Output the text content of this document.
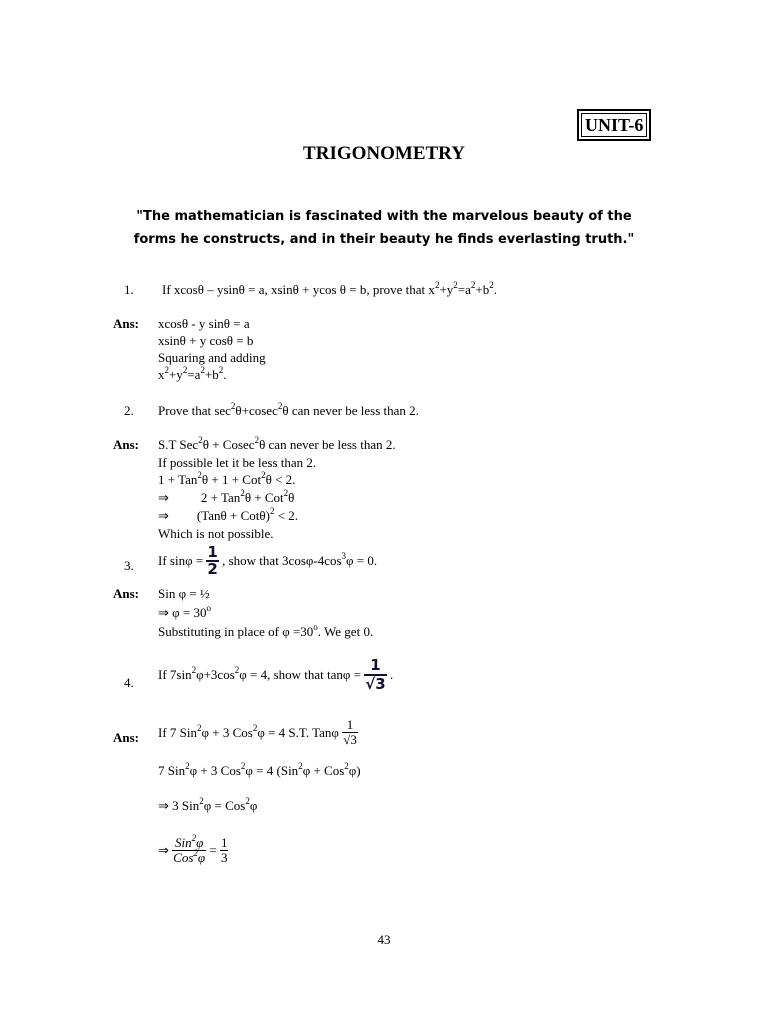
UNIT-6
TRIGONOMETRY
"The mathematician is fascinated with the marvelous beauty of the
forms he constructs, and in their beauty he finds everlasting truth."
1. If xcosθ – ysinθ = a, xsinθ + ycos θ = b, prove that $x^2+y^2=a^2+b^2$.
Ans: xcosθ - y sinθ = a
xsinθ + y cosθ = b
Squaring and adding
$x^2+y^2=a^2+b^2$.
2. Prove that $\sec^2\theta+cosec^2\theta$ can never be less than 2.
Ans: S.T Sec$^2$θ + Cosec$^2$θ can never be less than 2.
If possible let it be less than 2.
1 + Tan$^2$θ + 1 + Cot$^2$θ < 2.
⇒ 2 + Tan$^2$θ + Cot$^2$θ
⇒ $(Tan\theta + Cot\theta)^2 < 2$.
Which is not possible.
3. If $\sin\varphi = \frac{1}{2}$ , show that $3\cos\varphi-4\cos^3\varphi = 0$.
Ans: Sin φ = ½
⇒ $\varphi = 30^o$
Substituting in place of $\varphi =30^o$. We get 0.
4.
If $7\sin^2\varphi+3\cos^2\varphi = 4$, show that $\tan\varphi = \frac{1}{√3}$ .
Ans: If 7 Sin$^2$φ + 3 Cos$^2$φ = 4 S.T. Tanφ $\frac{1}{√3}$
7 Sin$^2$φ + 3 Cos$^2$φ = 4 (Sin$^2$φ + Cos$^2$φ)
⇒ 3 Sin$^2$φ = Cos$^2$φ
⇒ $\frac{Sin^2\varphi}{Cos^2\varphi} = \frac{1}{3}$
43
